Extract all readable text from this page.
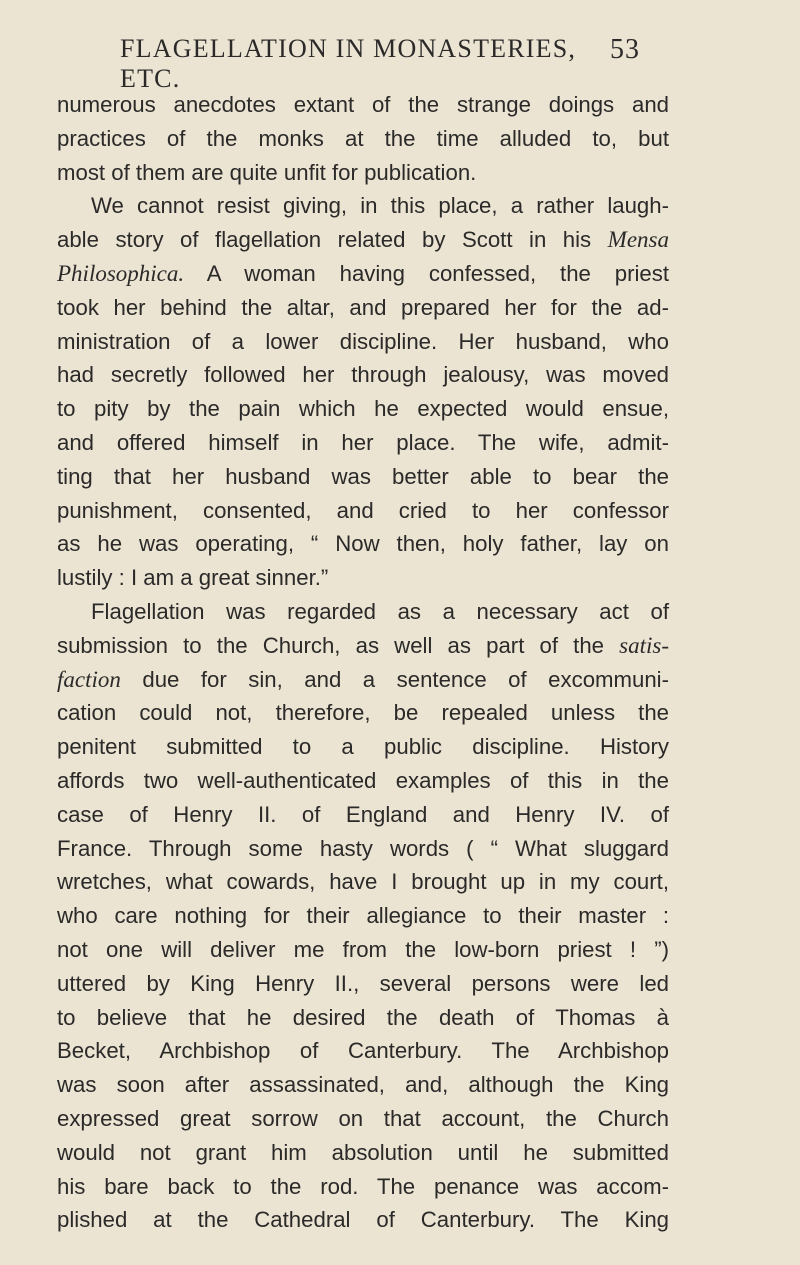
FLAGELLATION IN MONASTERIES, ETC.
53
numerous anecdotes extant of the strange doings and
practices of the monks at the time alluded to, but
most of them are quite unfit for publication.
We cannot resist giving, in this place, a rather laugh-
able story of flagellation related by Scott in his Mensa
Philosophica. A woman having confessed, the priest
took her behind the altar, and prepared her for the ad-
ministration of a lower discipline. Her husband, who
had secretly followed her through jealousy, was moved
to pity by the pain which he expected would ensue,
and offered himself in her place. The wife, admit-
ting that her husband was better able to bear the
punishment, consented, and cried to her confessor
as he was operating, “ Now then, holy father, lay on
lustily : I am a great sinner.”
Flagellation was regarded as a necessary act of
submission to the Church, as well as part of the satis-
faction due for sin, and a sentence of excommuni-
cation could not, therefore, be repealed unless the
penitent submitted to a public discipline. History
affords two well-authenticated examples of this in the
case of Henry II. of England and Henry IV. of
France. Through some hasty words ( “ What sluggard
wretches, what cowards, have I brought up in my court,
who care nothing for their allegiance to their master :
not one will deliver me from the low-born priest ! ”)
uttered by King Henry II., several persons were led
to believe that he desired the death of Thomas à
Becket, Archbishop of Canterbury. The Archbishop
was soon after assassinated, and, although the King
expressed great sorrow on that account, the Church
would not grant him absolution until he submitted
his bare back to the rod. The penance was accom-
plished at the Cathedral of Canterbury. The King
